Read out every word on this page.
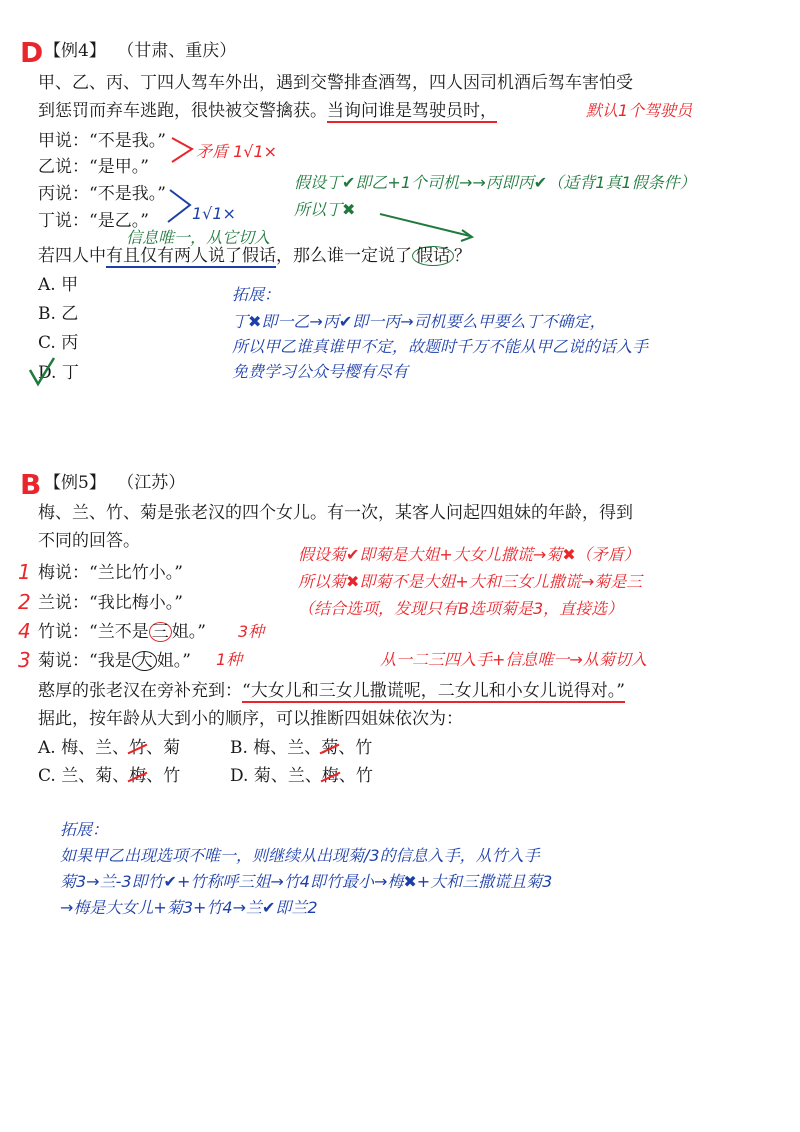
D 【例4】 （甘肃、重庆）
甲、乙、丙、丁四人驾车外出，遇到交警排查酒驾，四人因司机酒后驾车害怕受
到惩罚而弃车逃跑，很快被交警擒获。当询问谁是驾驶员时，	默认1个驾驶员
甲说：“不是我。”
乙说：“是甲。”
丙说：“不是我。”
丁说：“是乙。”
矛盾 1√1×
1√1×
假设丁✔即乙+1个司机→→丙即丙✔（适背1真1假条件）
所以丁✖
信息唯一，从它切入
若四人中有且仅有两人说了假话，那么谁一定说了 假话 ？
A. 甲
B. 乙
C. 丙
D. 丁
拓展：
丁✖即一乙→丙✔即一丙→司机要么甲要么丁不确定，
所以甲乙谁真谁甲不定，故题时千万不能从甲乙说的话入手
免费学习公众号樱有尽有
B 【例5】 （江苏）
梅、兰、竹、菊是张老汉的四个女儿。有一次，某客人问起四姐妹的年龄，得到
不同的回答。
1 梅说：“兰比竹小。”
2 兰说：“我比梅小。”
4 竹说：“兰不是 三 姐。” 3种
3 菊说：“我是 大 姐。” 1种
假设菊✔即菊是大姐+大女儿撒谎→菊✖（矛盾）
所以菊✖即菊不是大姐+大和三女儿撒谎→菊是三
（结合选项，发现只有B选项菊是3，直接选）
从一二三四入手+信息唯一→从菊切入
憨厚的张老汉在旁补充到：“大女儿和三女儿撒谎呢，二女儿和小女儿说得对。”
据此，按年龄从大到小的顺序，可以推断四姐妹依次为：
A. 梅、兰、竹、菊	B. 梅、兰、菊、竹
C. 兰、菊、梅、竹	D. 菊、兰、梅、竹
拓展：
如果甲乙出现选项不唯一，则继续从出现菊/3的信息入手，从竹入手
菊3→兰-3即竹✔+竹称呼三姐→竹4即竹最小→梅✖+大和三撒谎且菊3
→梅是大女儿+菊3+竹4→兰✔即兰2
